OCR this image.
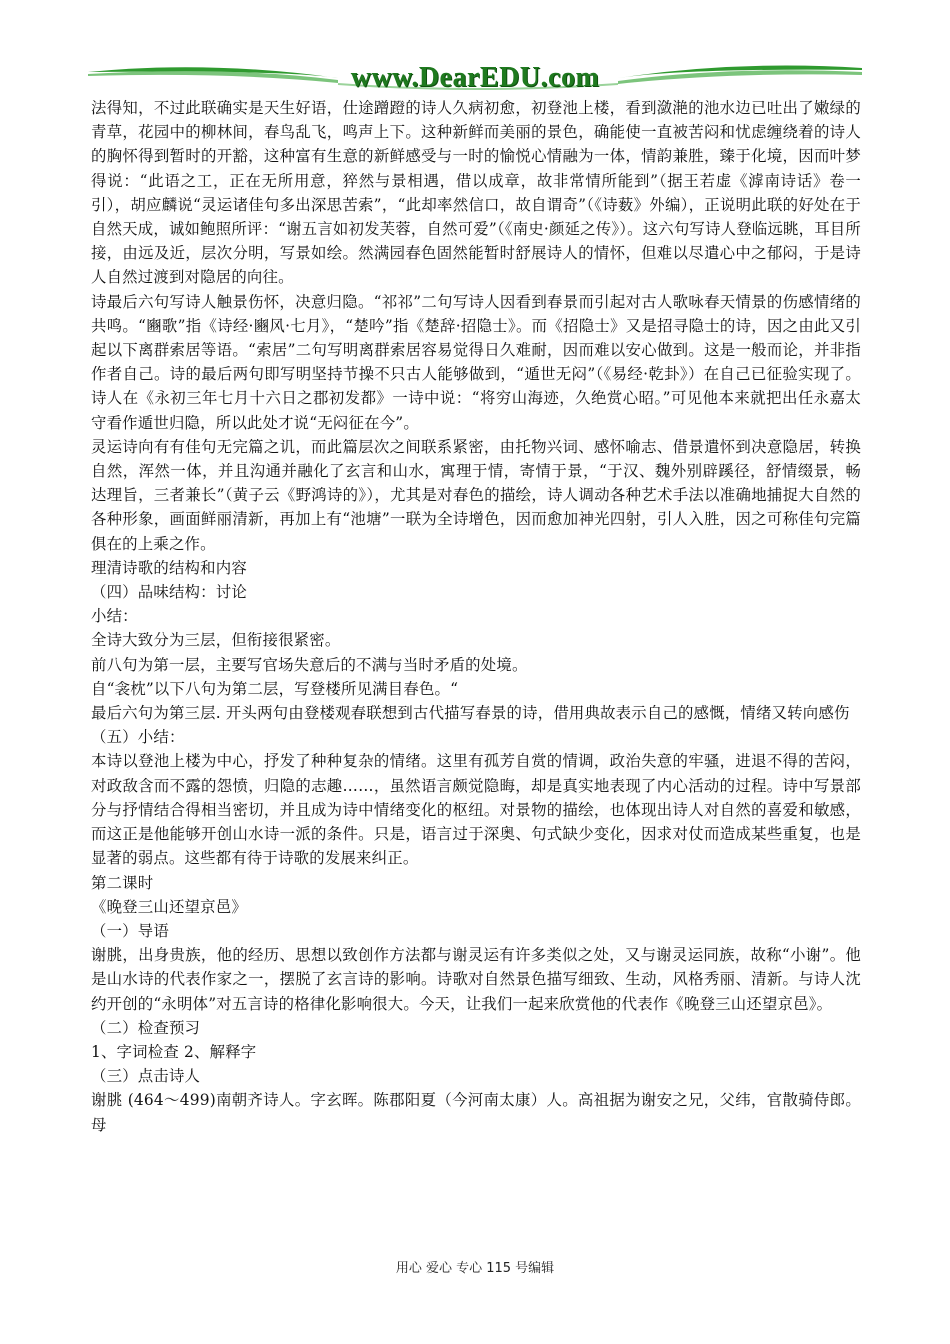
www.DearEDU.com

法得知，不过此联确实是天生好语，仕途蹭蹬的诗人久病初愈，初登池上楼，看到潋滟的池水边已吐出了嫩绿的青草，花园中的柳林间，春鸟乱飞，鸣声上下。这种新鲜而美丽的景色，确能使一直被苦闷和忧虑缠绕着的诗人的胸怀得到暂时的开豁，这种富有生意的新鲜感受与一时的愉悦心情融为一体，情韵兼胜，臻于化境，因而叶梦得说：“此语之工，正在无所用意，猝然与景相遇，借以成章，故非常情所能到”（据王若虚《滹南诗话》卷一引），胡应麟说“灵运诸佳句多出深思苦索”，“此却率然信口，故自谓奇”（《诗薮》外编），正说明此联的好处在于自然天成，诚如鲍照所评：“谢五言如初发芙蓉，自然可爱”（《南史·颜延之传》）。这六句写诗人登临远眺，耳目所接，由远及近，层次分明，写景如绘。然满园春色固然能暂时舒展诗人的情怀，但难以尽遣心中之郁闷，于是诗人自然过渡到对隐居的向往。

诗最后六句写诗人触景伤怀，决意归隐。“祁祁”二句写诗人因看到春景而引起对古人歌咏春天情景的伤感情绪的共鸣。“豳歌”指《诗经·豳风·七月》，“楚吟”指《楚辞·招隐士》。而《招隐士》又是招寻隐士的诗，因之由此又引起以下离群索居等语。“索居”二句写明离群索居容易觉得日久难耐，因而难以安心做到。这是一般而论，并非指作者自己。诗的最后两句即写明坚持节操不只古人能够做到，“遁世无闷”（《易经·乾卦》）在自己已征验实现了。诗人在《永初三年七月十六日之郡初发都》一诗中说：“将穷山海迹，久绝赏心昭。”可见他本来就把出任永嘉太守看作遁世归隐，所以此处才说“无闷征在今”。

灵运诗向有有佳句无完篇之讥，而此篇层次之间联系紧密，由托物兴词、感怀喻志、借景遣怀到决意隐居，转换自然，浑然一体，并且沟通并融化了玄言和山水，寓理于情，寄情于景，“于汉、魏外别辟蹊径，舒情缀景，畅达理旨，三者兼长”（黄子云《野鸿诗的》），尤其是对春色的描绘，诗人调动各种艺术手法以准确地捕捉大自然的各种形象，画面鲜丽清新，再加上有“池塘”一联为全诗增色，因而愈加神光四射，引人入胜，因之可称佳句完篇俱在的上乘之作。

理清诗歌的结构和内容

（四）品味结构：讨论

小结：

全诗大致分为三层，但衔接很紧密。

前八句为第一层，主要写官场失意后的不满与当时矛盾的处境。

自“衾枕”以下八句为第二层，写登楼所见满目春色。“

最后六句为第三层. 开头两句由登楼观春联想到古代描写春景的诗，借用典故表示自己的感慨，情绪又转向感伤

（五）小结：

本诗以登池上楼为中心，抒发了种种复杂的情绪。这里有孤芳自赏的情调，政治失意的牢骚，进退不得的苦闷，对政敌含而不露的怨愤，归隐的志趣……，虽然语言颇觉隐晦，却是真实地表现了内心活动的过程。诗中写景部分与抒情结合得相当密切，并且成为诗中情绪变化的枢纽。对景物的描绘，也体现出诗人对自然的喜爱和敏感，而这正是他能够开创山水诗一派的条件。只是，语言过于深奥、句式缺少变化，因求对仗而造成某些重复，也是显著的弱点。这些都有待于诗歌的发展来纠正。

第二课时

《晚登三山还望京邑》

（一）导语

谢朓，出身贵族，他的经历、思想以致创作方法都与谢灵运有许多类似之处，又与谢灵运同族，故称“小谢”。他是山水诗的代表作家之一，摆脱了玄言诗的影响。诗歌对自然景色描写细致、生动，风格秀丽、清新。与诗人沈约开创的“永明体”对五言诗的格律化影响很大。今天，让我们一起来欣赏他的代表作《晚登三山还望京邑》。

（二）检查预习

1、字词检查 2、解释字

（三）点击诗人

谢朓 (464～499)南朝齐诗人。字玄晖。陈郡阳夏（今河南太康）人。高祖据为谢安之兄，父纬，官散骑侍郎。母

用心 爱心 专心 115 号编辑
